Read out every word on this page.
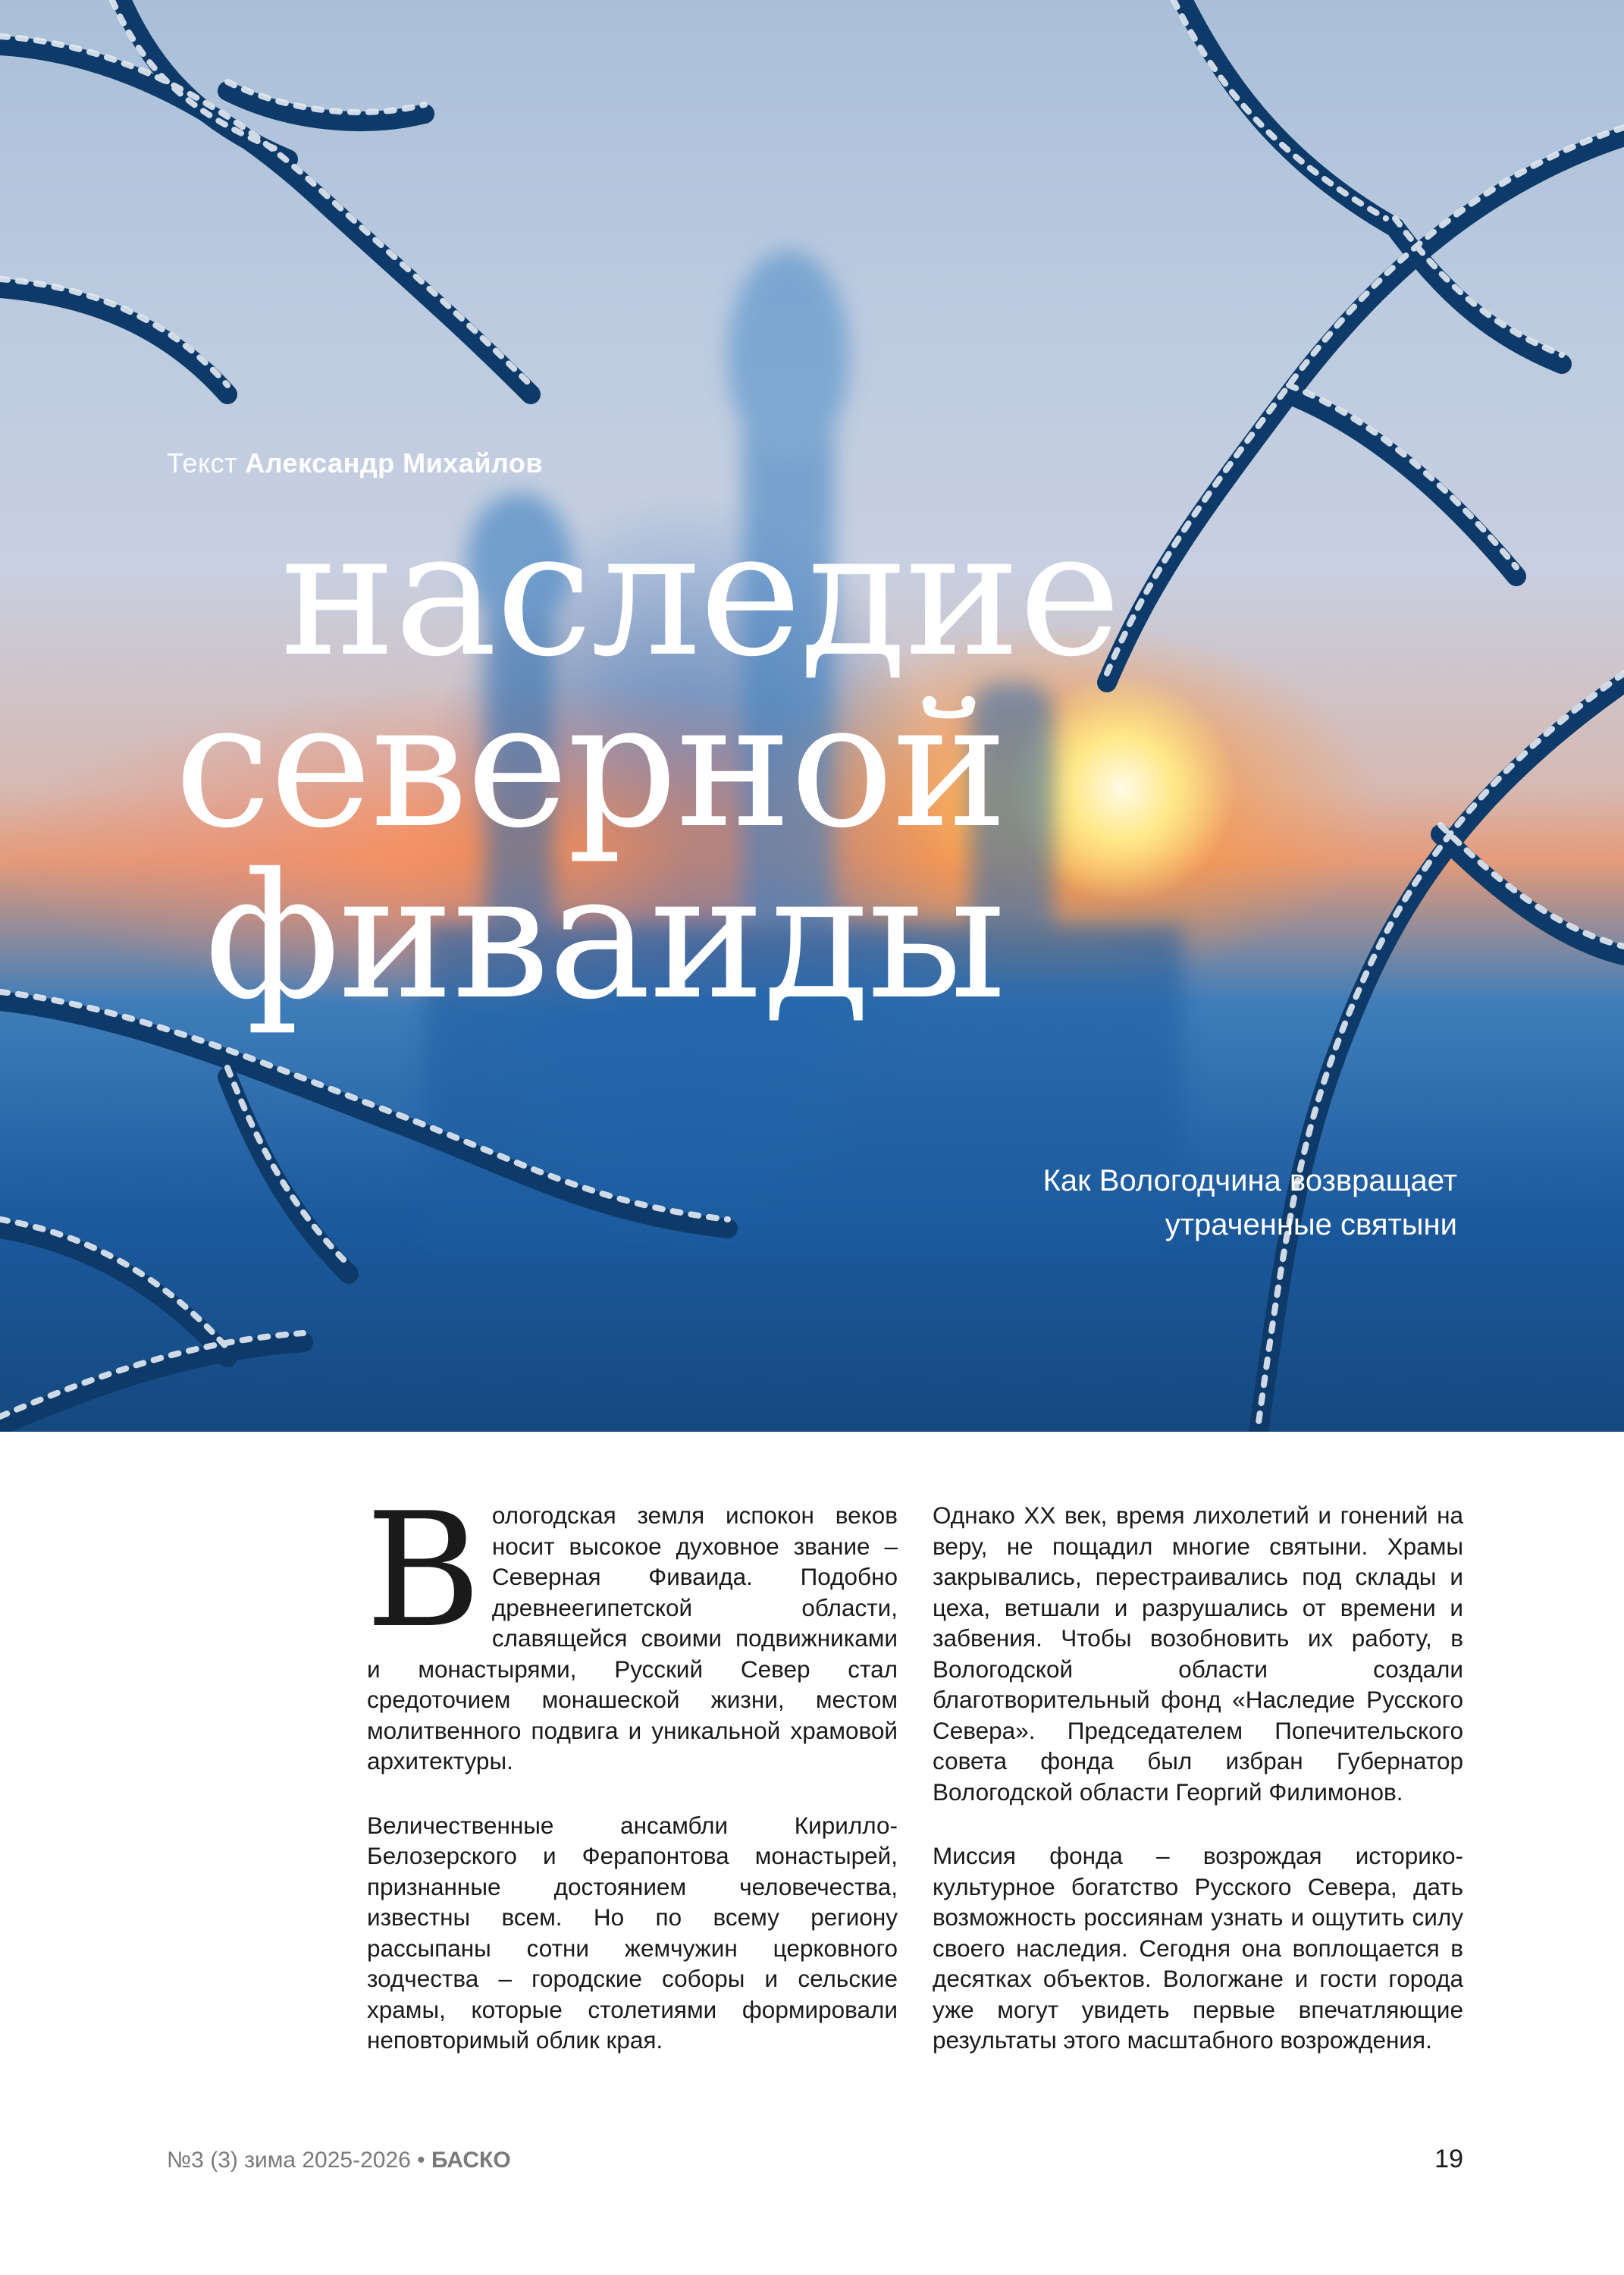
Текст Александр Михайлов
наследие
северной
фиваиды
Как Вологодчина возвращает
утраченные святыни

Вологодская земля испокон веков носит высокое духовное звание – Северная Фиваида. Подобно древнеегипетской области, славящейся своими подвижниками и монастырями, Русский Север стал средоточием монашеской жизни, местом молитвенного подвига и уникальной храмовой архитектуры.

Величественные ансамбли Кирилло-Белозерского и Ферапонтова монастырей, признанные достоянием человечества, известны всем. Но по всему региону рассыпаны сотни жемчужин церковного зодчества – городские соборы и сельские храмы, которые столетиями формировали неповторимый облик края.

Однако XX век, время лихолетий и гонений на веру, не пощадил многие святыни. Храмы закрывались, перестраивались под склады и цеха, ветшали и разрушались от времени и забвения. Чтобы возобновить их работу, в Вологодской области создали благотворительный фонд «Наследие Русского Севера». Председателем Попечительского совета фонда был избран Губернатор Вологодской области Георгий Филимонов.

Миссия фонда – возрождая историко-культурное богатство Русского Севера, дать возможность россиянам узнать и ощутить силу своего наследия. Сегодня она воплощается в десятках объектов. Вологжане и гости города уже могут увидеть первые впечатляющие результаты этого масштабного возрождения.

№3 (3) зима 2025-2026 • БАСКО	19
